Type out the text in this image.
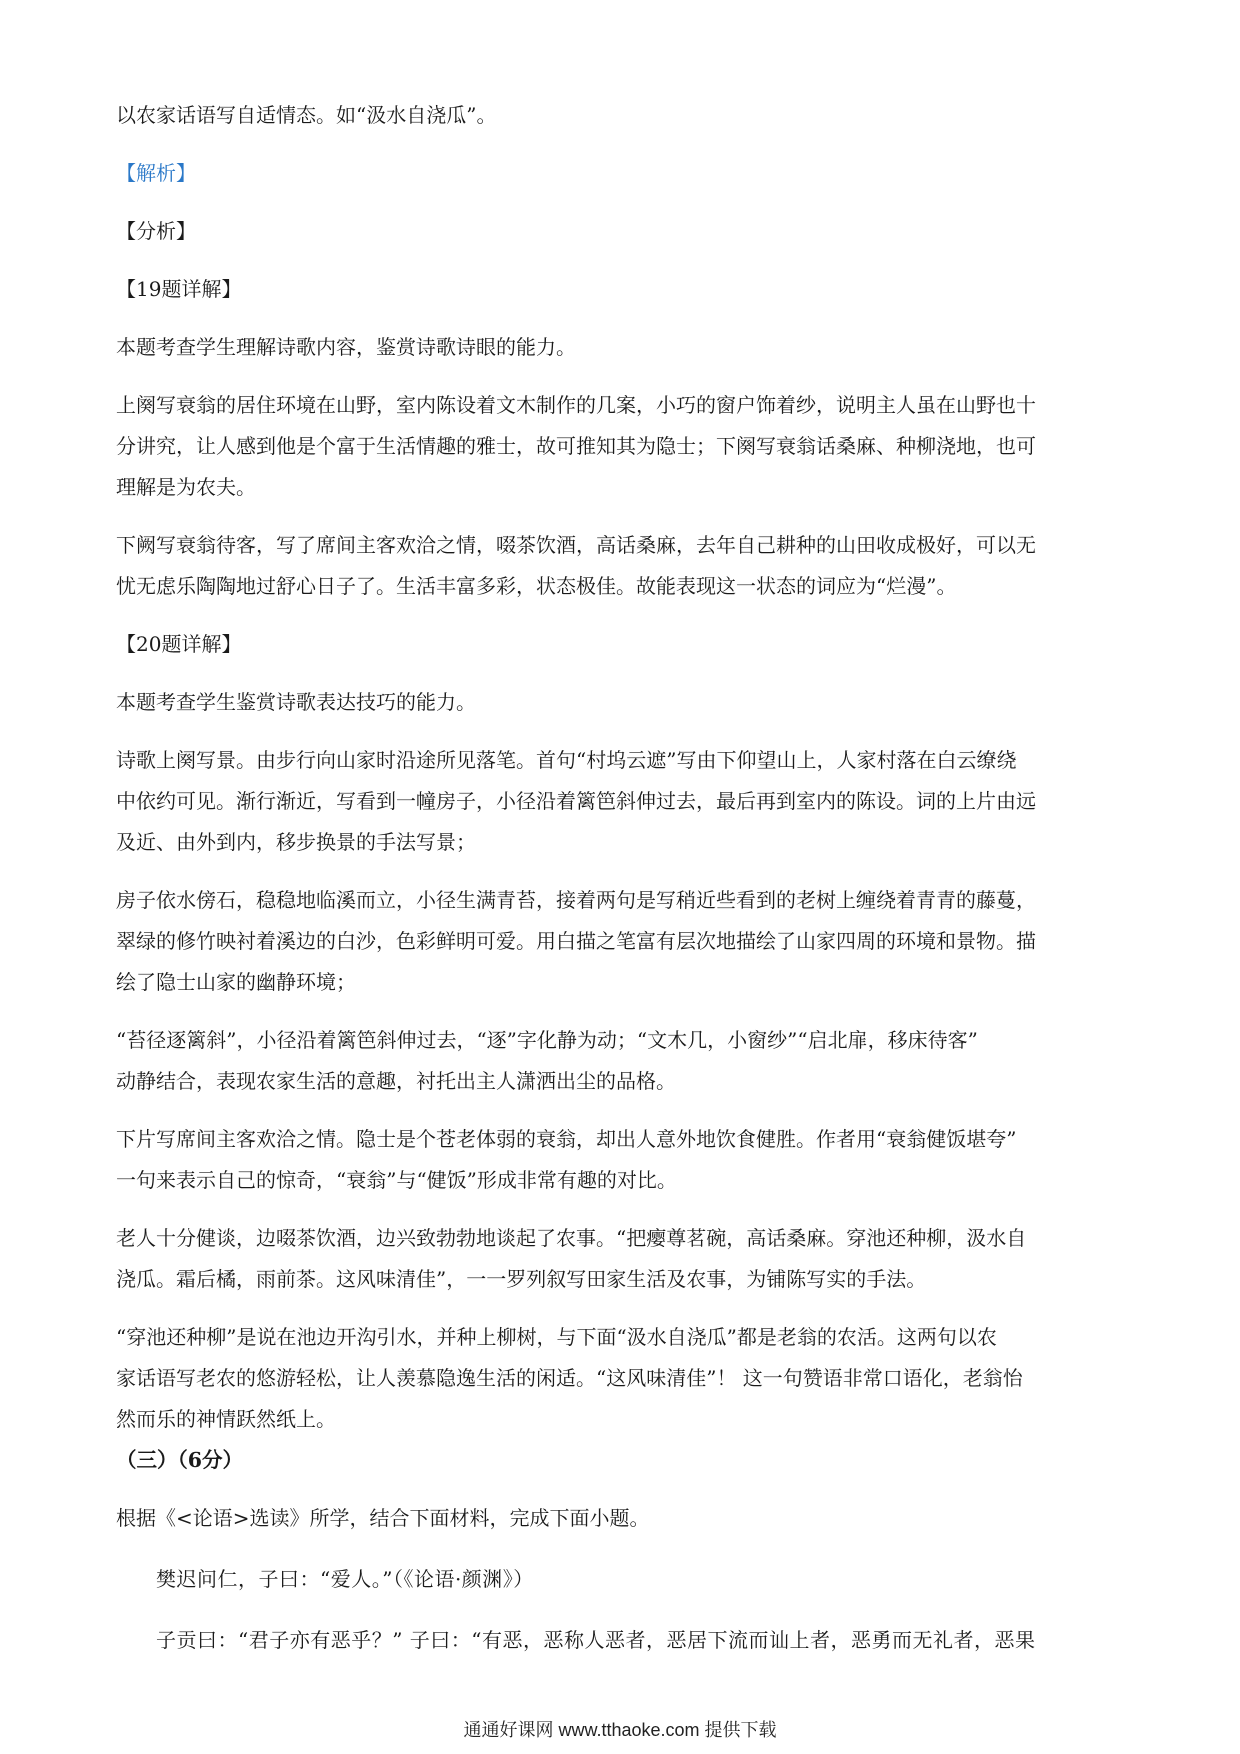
以农家话语写自适情态。如“汲水自浇瓜”。

【解析】

【分析】

【19题详解】

本题考查学生理解诗歌内容，鉴赏诗歌诗眼的能力。

上阕写衰翁的居住环境在山野，室内陈设着文木制作的几案，小巧的窗户饰着纱，说明主人虽在山野也十

分讲究，让人感到他是个富于生活情趣的雅士，故可推知其为隐士；下阕写衰翁话桑麻、种柳浇地，也可

理解是为农夫。

下阙写衰翁待客，写了席间主客欢洽之情，啜茶饮酒，高话桑麻，去年自己耕种的山田收成极好，可以无

忧无虑乐陶陶地过舒心日子了。生活丰富多彩，状态极佳。故能表现这一状态的词应为“烂漫”。

【20题详解】

本题考查学生鉴赏诗歌表达技巧的能力。

诗歌上阕写景。由步行向山家时沿途所见落笔。首句“村坞云遮”写由下仰望山上，人家村落在白云缭绕

中依约可见。渐行渐近，写看到一幢房子，小径沿着篱笆斜伸过去，最后再到室内的陈设。词的上片由远

及近、由外到内，移步换景的手法写景；

房子依水傍石，稳稳地临溪而立，小径生满青苔，接着两句是写稍近些看到的老树上缠绕着青青的藤蔓，

翠绿的修竹映衬着溪边的白沙，色彩鲜明可爱。用白描之笔富有层次地描绘了山家四周的环境和景物。描

绘了隐士山家的幽静环境；

“苔径逐篱斜”，小径沿着篱笆斜伸过去，“逐”字化静为动；“文木几，小窗纱”“启北扉，移床待客”

动静结合，表现农家生活的意趣，衬托出主人潇洒出尘的品格。

下片写席间主客欢洽之情。隐士是个苍老体弱的衰翁，却出人意外地饮食健胜。作者用“衰翁健饭堪夸”

一句来表示自己的惊奇，“衰翁”与“健饭”形成非常有趣的对比。

老人十分健谈，边啜茶饮酒，边兴致勃勃地谈起了农事。“把瘿尊茗碗，高话桑麻。穿池还种柳，汲水自

浇瓜。霜后橘，雨前茶。这风味清佳”，一一罗列叙写田家生活及农事，为铺陈写实的手法。

“穿池还种柳”是说在池边开沟引水，并种上柳树，与下面“汲水自浇瓜”都是老翁的农活。这两句以农

家话语写老农的悠游轻松，让人羡慕隐逸生活的闲适。“这风味清佳”！ 这一句赞语非常口语化，老翁怡

然而乐的神情跃然纸上。

（三）（6分）

根据《<论语>选读》所学，结合下面材料，完成下面小题。

樊迟问仁，子曰：“爱人。”（《论语·颜渊》）

子贡曰：“君子亦有恶乎？” 子曰：“有恶，恶称人恶者，恶居下流而讪上者，恶勇而无礼者，恶果

通通好课网 www.tthaoke.com 提供下载
